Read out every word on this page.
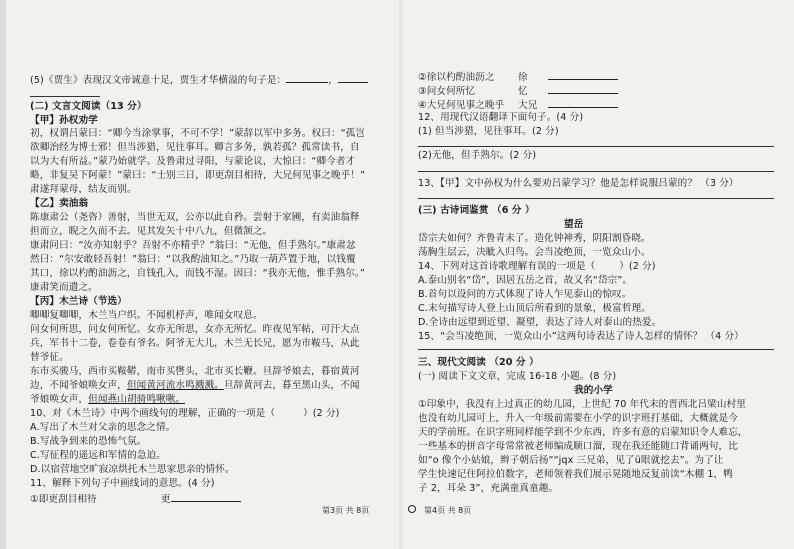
(5)《贾生》表现汉文帝诚意十足，贾生才华横溢的句子是：	，
(二) 文言文阅读（13 分）
【甲】孙权劝学
初，权谓吕蒙曰：“卿今当涂掌事，不可不学！”蒙辞以军中多务。权曰：“孤岂
欲卿治经为博士邪！但当涉猎，见往事耳。卿言多务，孰若孤？孤常读书，自
以为大有所益。”蒙乃始就学。及鲁肃过寻阳，与蒙论议，大惊曰：“卿今者才
略，非复吴下阿蒙！”蒙曰：“士别三日，即更刮目相待，大兄何见事之晚乎！”
肃遂拜蒙母，结友而别。
【乙】卖油翁
陈康肃公（尧咨）善射，当世无双，公亦以此自矜。尝射于家圃，有卖油翁释
担而立，睨之久而不去。见其发矢十中八九，但微颔之。
康肃问曰：“汝亦知射乎？吾射不亦精乎？”翁曰：“无他，但手熟尔。”康肃忿
然曰：“尔安敢轻吾射！”翁曰：“以我酌油知之。”乃取一葫芦置于地，以钱覆
其口，徐以杓酌油沥之，自钱孔入，而钱不湿。因曰：“我亦无他，惟手熟尔。”
康肃笑而遣之。
【丙】木兰诗（节选）
唧唧复唧唧，木兰当户织。不闻机杼声，唯闻女叹息。
问女何所思，问女何所忆。女亦无所思，女亦无所忆。昨夜见军帖，可汗大点
兵，军书十二卷，卷卷有爷名。阿爷无大儿，木兰无长兄，愿为市鞍马，从此
替爷征。
东市买骏马，西市买鞍鞯，南市买辔头，北市买长鞭。旦辞爷娘去，暮宿黄河
边，不闻爷娘唤女声，但闻黄河流水鸣溅溅。旦辞黄河去，暮至黑山头，不闻
爷娘唤女声，但闻燕山胡骑鸣啾啾。
10、对《木兰诗》中两个画线句的理解，正确的一项是（	）(2 分)
A.写出了木兰对父亲的思念之情。
B.写战争到来的恐怖气氛。
C.写征程的遥远和军情的急迫。
D.以宿营地空旷寂凉烘托木兰思家思亲的情怀。
11、解释下列句子中画线词的意思。(4 分)
①即更刮目相待	更
第3页 共 8页
②徐以杓酌油沥之 徐
③问女何所忆	忆
④大兄何见事之晚乎 大兄
12、用现代汉语翻译下面句子。(4 分)
(1) 但当涉猎，见往事耳。(2 分)
(2)无他，但手熟尔。(2 分)
13、【甲】文中孙权为什么要劝吕蒙学习？他是怎样说服吕蒙的？ （3 分）
(三) 古诗词鉴赏 （6 分 ）
望岳
岱宗夫如何？齐鲁青未了。造化钟神秀，阴阳割昏晓。
荡胸生层云，决眦入归鸟。会当凌绝顶，一览众山小。
14、下列对这首诗歌理解有误的一项是（	）(2 分)
A.泰山别名“岱”，因居五岳之首，故又名“岱宗”。
B.首句以设问的方式体现了诗人乍见泰山的惊叹。
C.末句描写诗人登上山顶后所看到的景象，极富哲理。
D.全诗由远望到近望、凝望，表达了诗人对泰山的热爱。
15、“会当凌绝顶，一览众山小”这两句诗表达了诗人怎样的情怀？ （4 分）
三、现代文阅读 （20 分 ）
(一) 阅读下文文章，完成 16-18 小题。(8 分)
我的小学
①印象中，我没有上过真正的幼儿园，上世纪 70 年代末的晋西北吕梁山村里
也没有幼儿园可上，升入一年级前需要在小学的识字班打基础，大概就是今
天的学前班。在识字班同样能学到不少东西，许多有意的启蒙知识令人难忘，
一些基本的拼音字母常常被老师编成顺口溜，现在我还能随口背诵两句，比
如“o 像个小姑娘，辫子朝后扬”“jqx 三兄弟，见了ü眼就挖去”。为了让
学生快速记住阿拉伯数字，老师领着我们展示晃随地反复前读“木棚 1，鸭
子 2，耳朵 3”，充满童真童趣。
第4页 共 8页
